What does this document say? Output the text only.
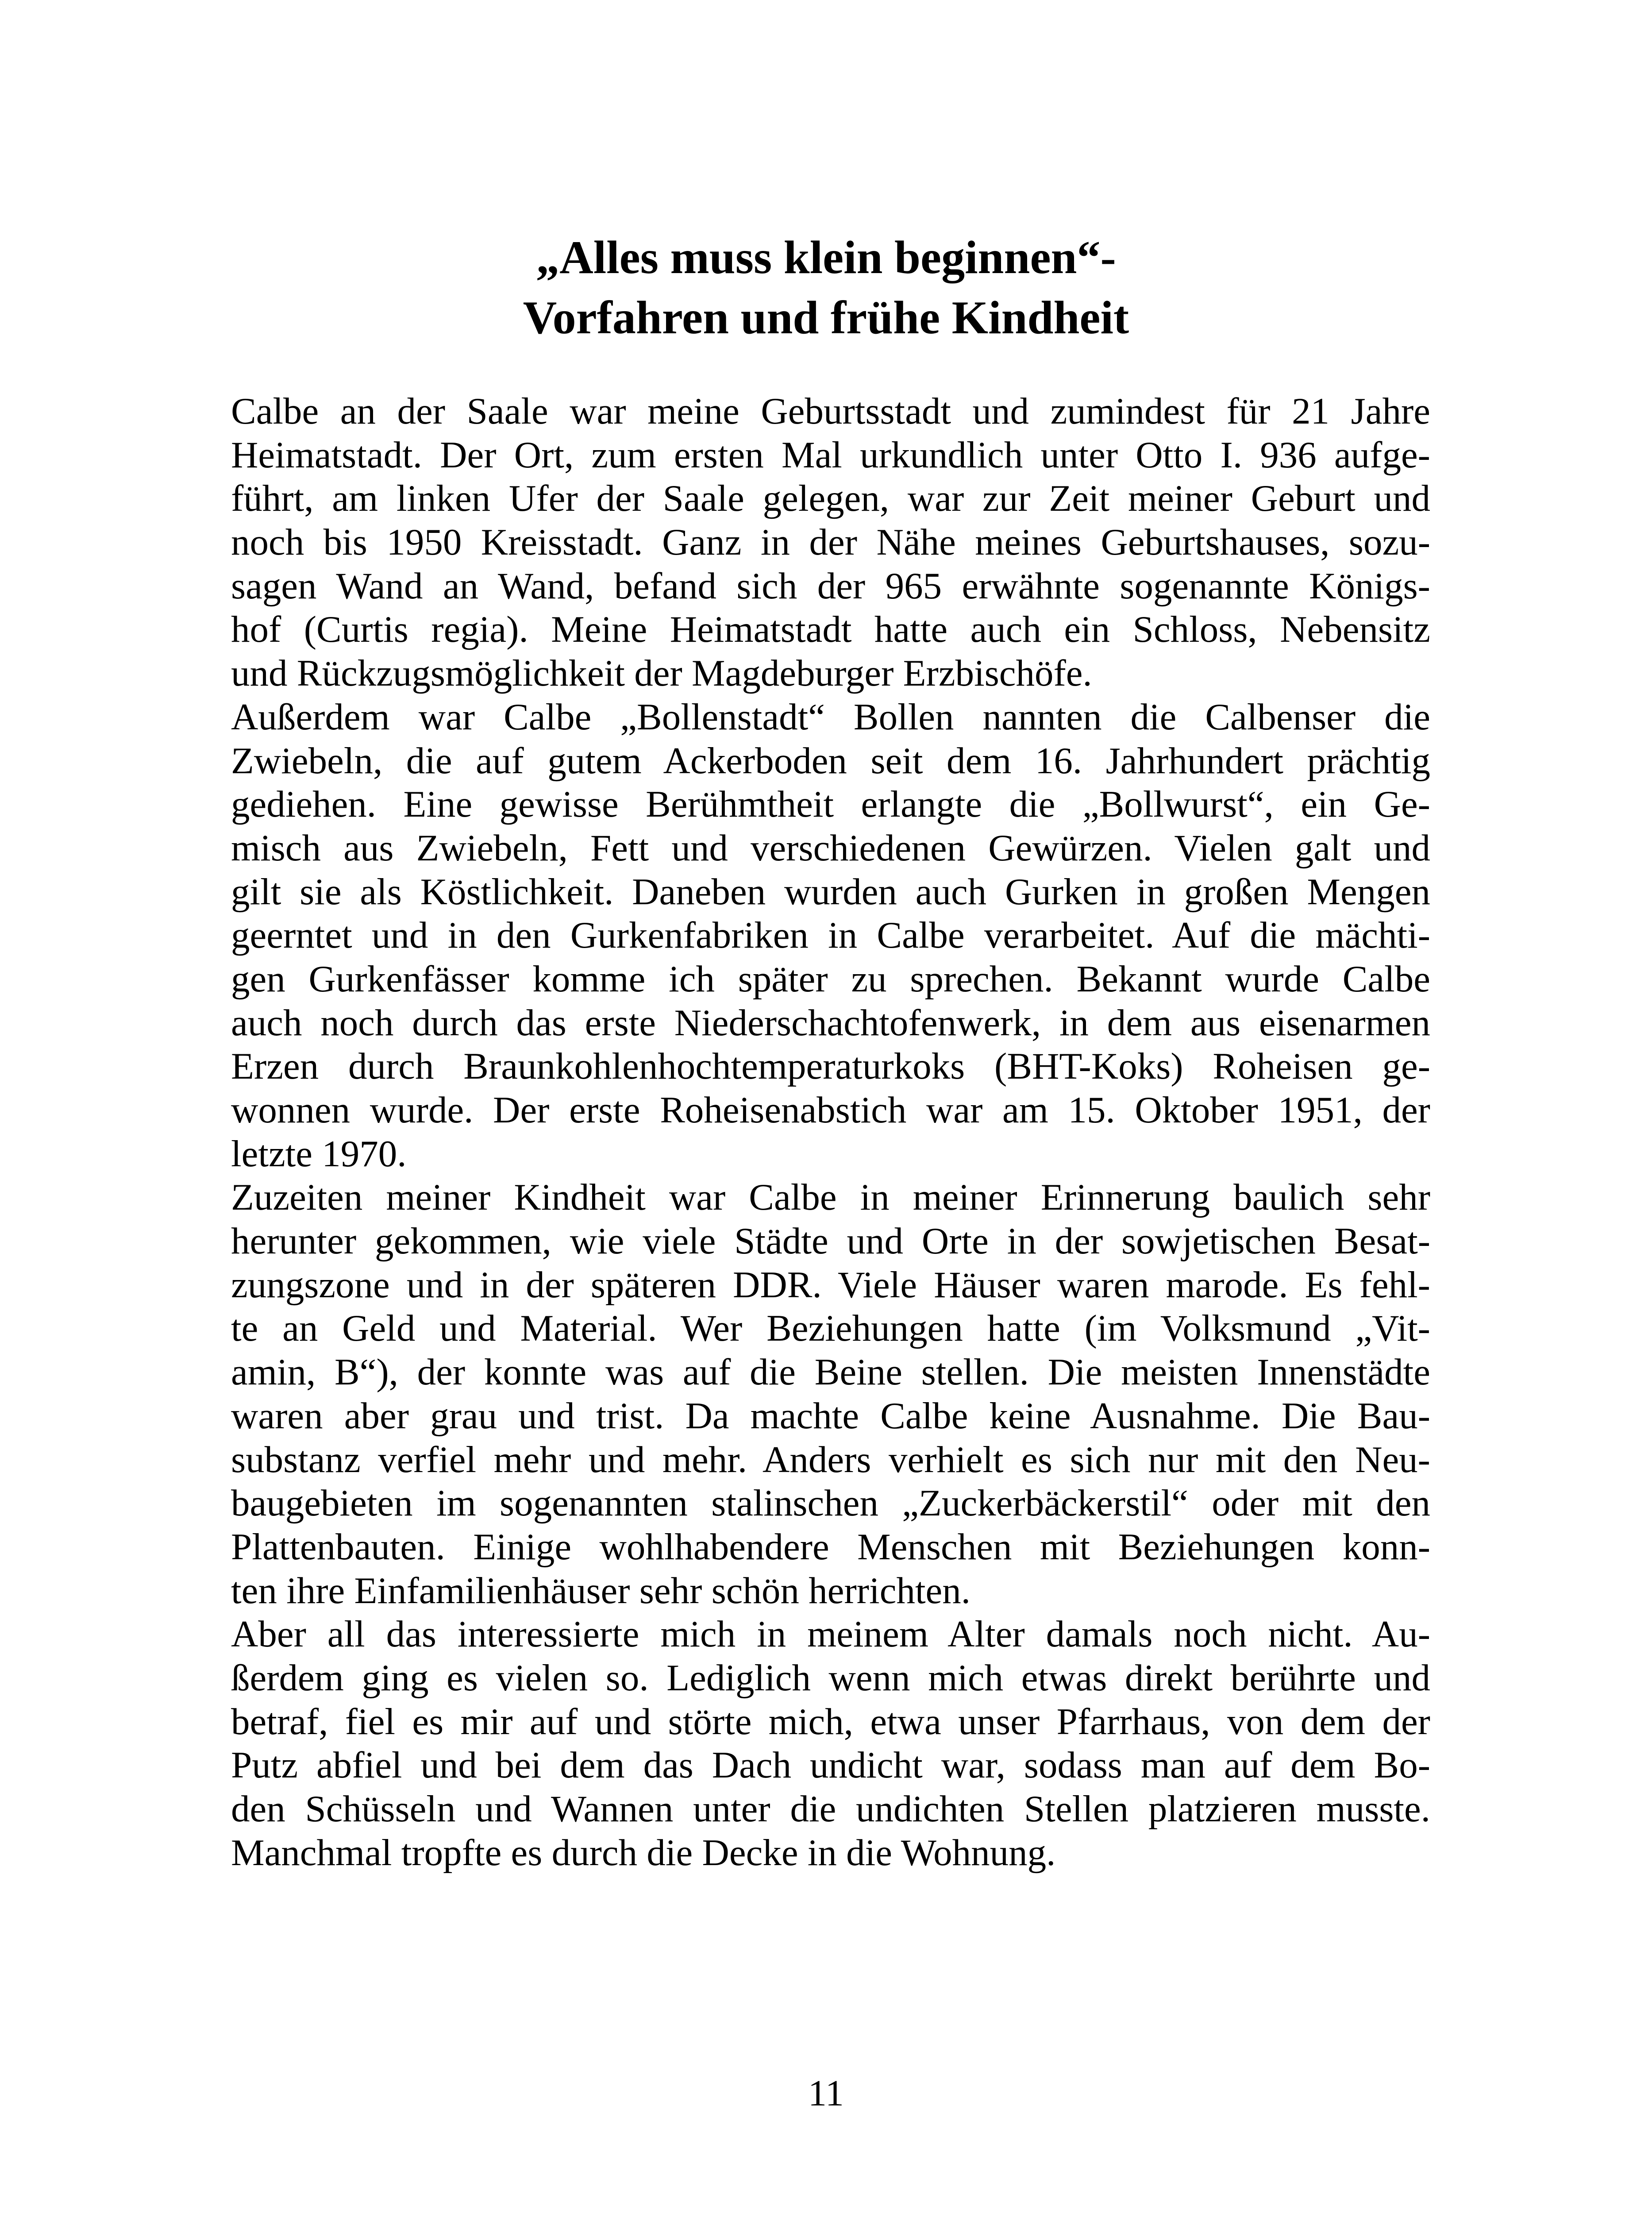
„Alles muss klein beginnen“-
Vorfahren und frühe Kindheit
Calbe an der Saale war meine Geburtsstadt und zumindest für 21 Jahre
Heimatstadt. Der Ort, zum ersten Mal urkundlich unter Otto I. 936 aufge-
führt, am linken Ufer der Saale gelegen, war zur Zeit meiner Geburt und
noch bis 1950 Kreisstadt. Ganz in der Nähe meines Geburtshauses, sozu-
sagen Wand an Wand, befand sich der 965 erwähnte sogenannte Königs-
hof (Curtis regia). Meine Heimatstadt hatte auch ein Schloss, Nebensitz
und Rückzugsmöglichkeit der Magdeburger Erzbischöfe.
Außerdem war Calbe „Bollenstadt“ Bollen nannten die Calbenser die
Zwiebeln, die auf gutem Ackerboden seit dem 16. Jahrhundert prächtig
gediehen. Eine gewisse Berühmtheit erlangte die „Bollwurst“, ein Ge-
misch aus Zwiebeln, Fett und verschiedenen Gewürzen. Vielen galt und
gilt sie als Köstlichkeit. Daneben wurden auch Gurken in großen Mengen
geerntet und in den Gurkenfabriken in Calbe verarbeitet. Auf die mächti-
gen Gurkenfässer komme ich später zu sprechen. Bekannt wurde Calbe
auch noch durch das erste Niederschachtofenwerk, in dem aus eisenarmen
Erzen durch Braunkohlenhochtemperaturkoks (BHT-Koks) Roheisen ge-
wonnen wurde. Der erste Roheisenabstich war am 15. Oktober 1951, der
letzte 1970.
Zuzeiten meiner Kindheit war Calbe in meiner Erinnerung baulich sehr
herunter gekommen, wie viele Städte und Orte in der sowjetischen Besat-
zungszone und in der späteren DDR. Viele Häuser waren marode. Es fehl-
te an Geld und Material. Wer Beziehungen hatte (im Volksmund „Vit-
amin, B“), der konnte was auf die Beine stellen. Die meisten Innenstädte
waren aber grau und trist. Da machte Calbe keine Ausnahme. Die Bau-
substanz verfiel mehr und mehr. Anders verhielt es sich nur mit den Neu-
baugebieten im sogenannten stalinschen „Zuckerbäckerstil“ oder mit den
Plattenbauten. Einige wohlhabendere Menschen mit Beziehungen konn-
ten ihre Einfamilienhäuser sehr schön herrichten.
Aber all das interessierte mich in meinem Alter damals noch nicht. Au-
ßerdem ging es vielen so. Lediglich wenn mich etwas direkt berührte und
betraf, fiel es mir auf und störte mich, etwa unser Pfarrhaus, von dem der
Putz abfiel und bei dem das Dach undicht war, sodass man auf dem Bo-
den Schüsseln und Wannen unter die undichten Stellen platzieren musste.
Manchmal tropfte es durch die Decke in die Wohnung.
11
